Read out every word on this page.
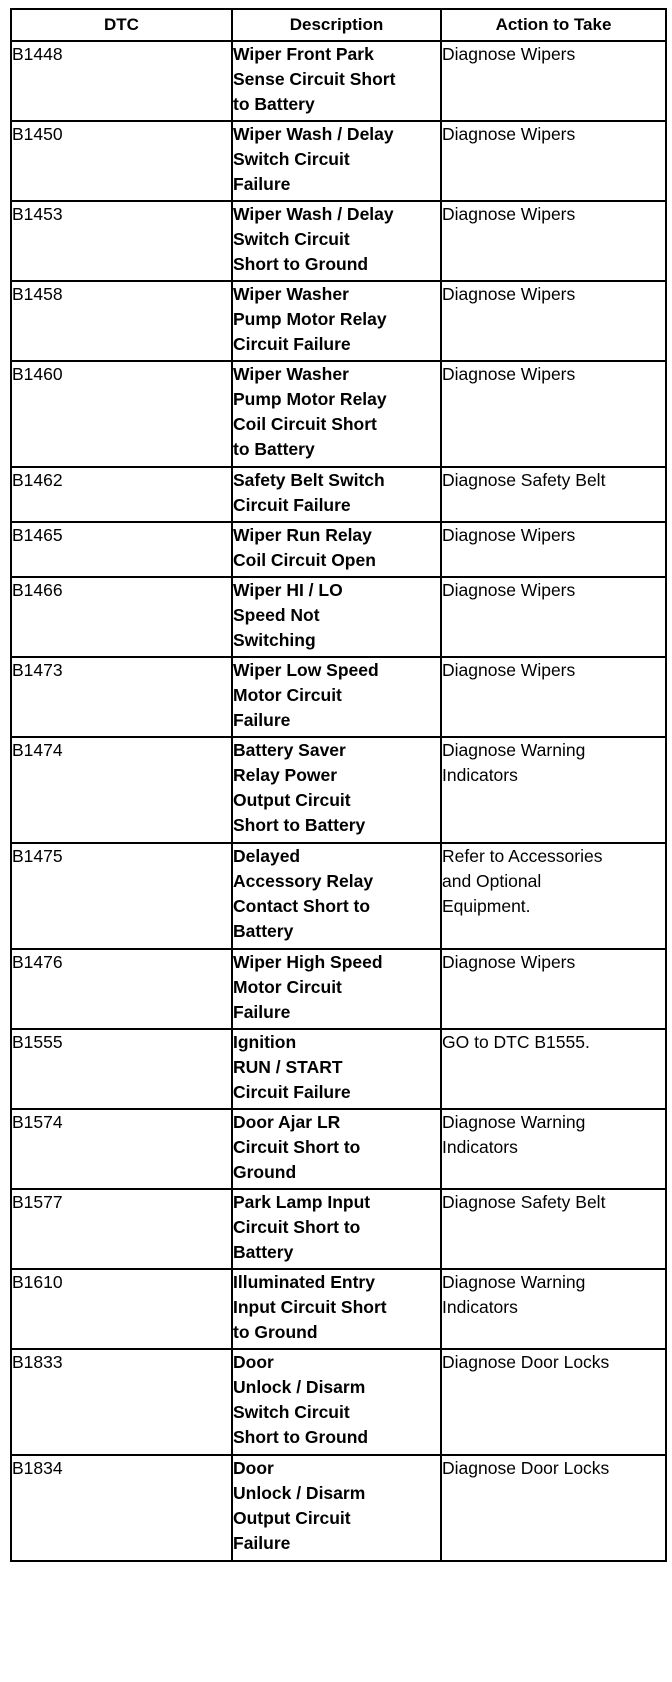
DTC	Description	Action to Take
B1448	Wiper Front Park
Sense Circuit Short
to Battery	Diagnose Wipers
B1450	Wiper Wash / Delay
Switch Circuit
Failure	Diagnose Wipers
B1453	Wiper Wash / Delay
Switch Circuit
Short to Ground	Diagnose Wipers
B1458	Wiper Washer
Pump Motor Relay
Circuit Failure	Diagnose Wipers
B1460	Wiper Washer
Pump Motor Relay
Coil Circuit Short
to Battery	Diagnose Wipers
B1462	Safety Belt Switch
Circuit Failure	Diagnose Safety Belt
B1465	Wiper Run Relay
Coil Circuit Open	Diagnose Wipers
B1466	Wiper HI / LO
Speed Not
Switching	Diagnose Wipers
B1473	Wiper Low Speed
Motor Circuit
Failure	Diagnose Wipers
B1474	Battery Saver
Relay Power
Output Circuit
Short to Battery	Diagnose Warning
Indicators
B1475	Delayed
Accessory Relay
Contact Short to
Battery	Refer to Accessories
and Optional
Equipment.
B1476	Wiper High Speed
Motor Circuit
Failure	Diagnose Wipers
B1555	Ignition
RUN / START
Circuit Failure	GO to DTC B1555.
B1574	Door Ajar LR
Circuit Short to
Ground	Diagnose Warning
Indicators
B1577	Park Lamp Input
Circuit Short to
Battery	Diagnose Safety Belt
B1610	Illuminated Entry
Input Circuit Short
to Ground	Diagnose Warning
Indicators
B1833	Door
Unlock / Disarm
Switch Circuit
Short to Ground	Diagnose Door Locks
B1834	Door
Unlock / Disarm
Output Circuit
Failure	Diagnose Door Locks
